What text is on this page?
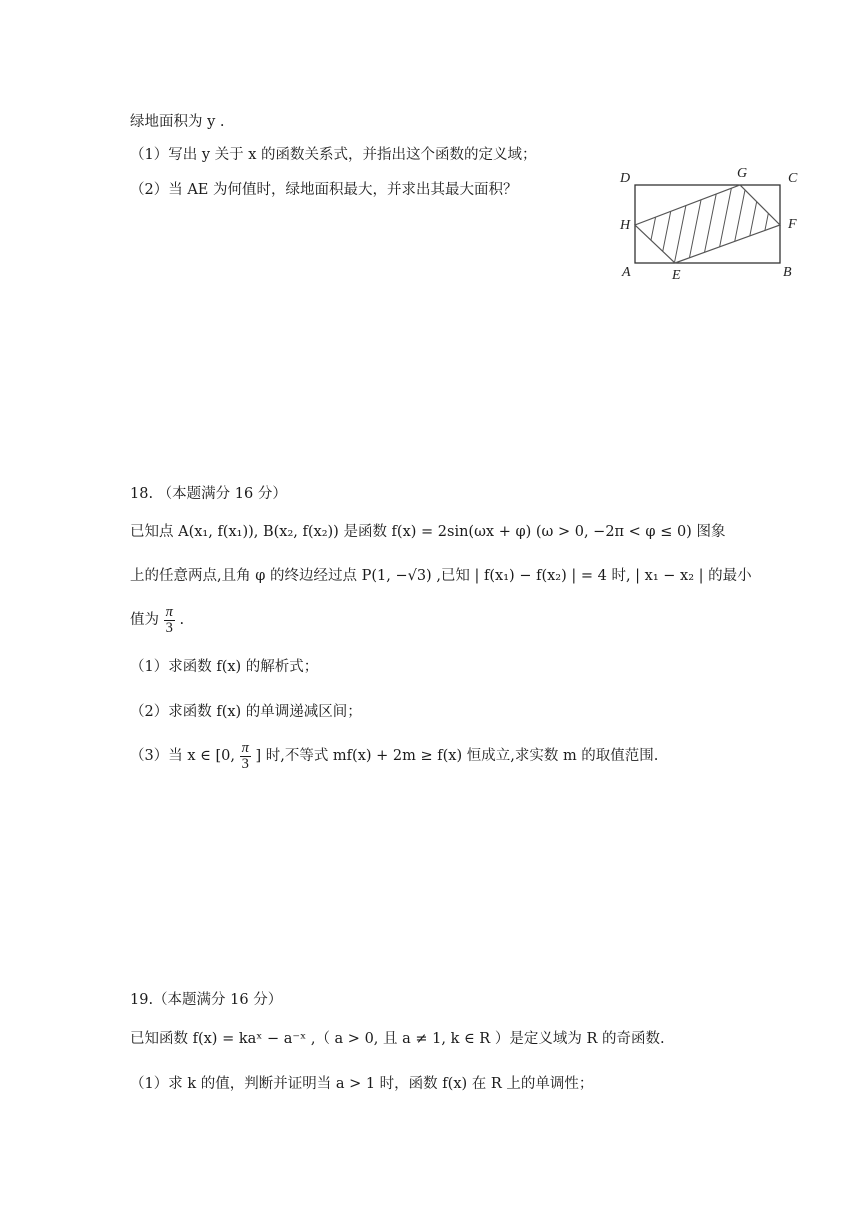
绿地面积为 y .
（1）写出 y 关于 x 的函数关系式，并指出这个函数的定义域；
（2）当 AE 为何值时，绿地面积最大，并求出其最大面积？
D	G	C
H	F
A	E	B
18. （本题满分 16 分）
已知点 A(x₁, f(x₁)), B(x₂, f(x₂)) 是函数 f(x) = 2sin(ωx + φ) (ω > 0, −2π < φ ≤ 0) 图象
上的任意两点,且角 φ 的终边经过点 P(1, −√3) ,已知 | f(x₁) − f(x₂) | = 4 时, | x₁ − x₂ | 的最小
值为 $\frac{\pi}{3}$ .
（1）求函数 f(x) 的解析式；
（2）求函数 f(x) 的单调递减区间；
（3）当 x ∈ [0, $\frac{\pi}{3}$ ] 时,不等式 mf(x) + 2m ≥ f(x) 恒成立,求实数 m 的取值范围.
19.（本题满分 16 分）
已知函数 f(x) = kaˣ − a⁻ˣ ,（ a > 0, 且 a ≠ 1, k ∈ R ）是定义域为 R 的奇函数.
（1）求 k 的值，判断并证明当 a > 1 时，函数 f(x) 在 R 上的单调性；
